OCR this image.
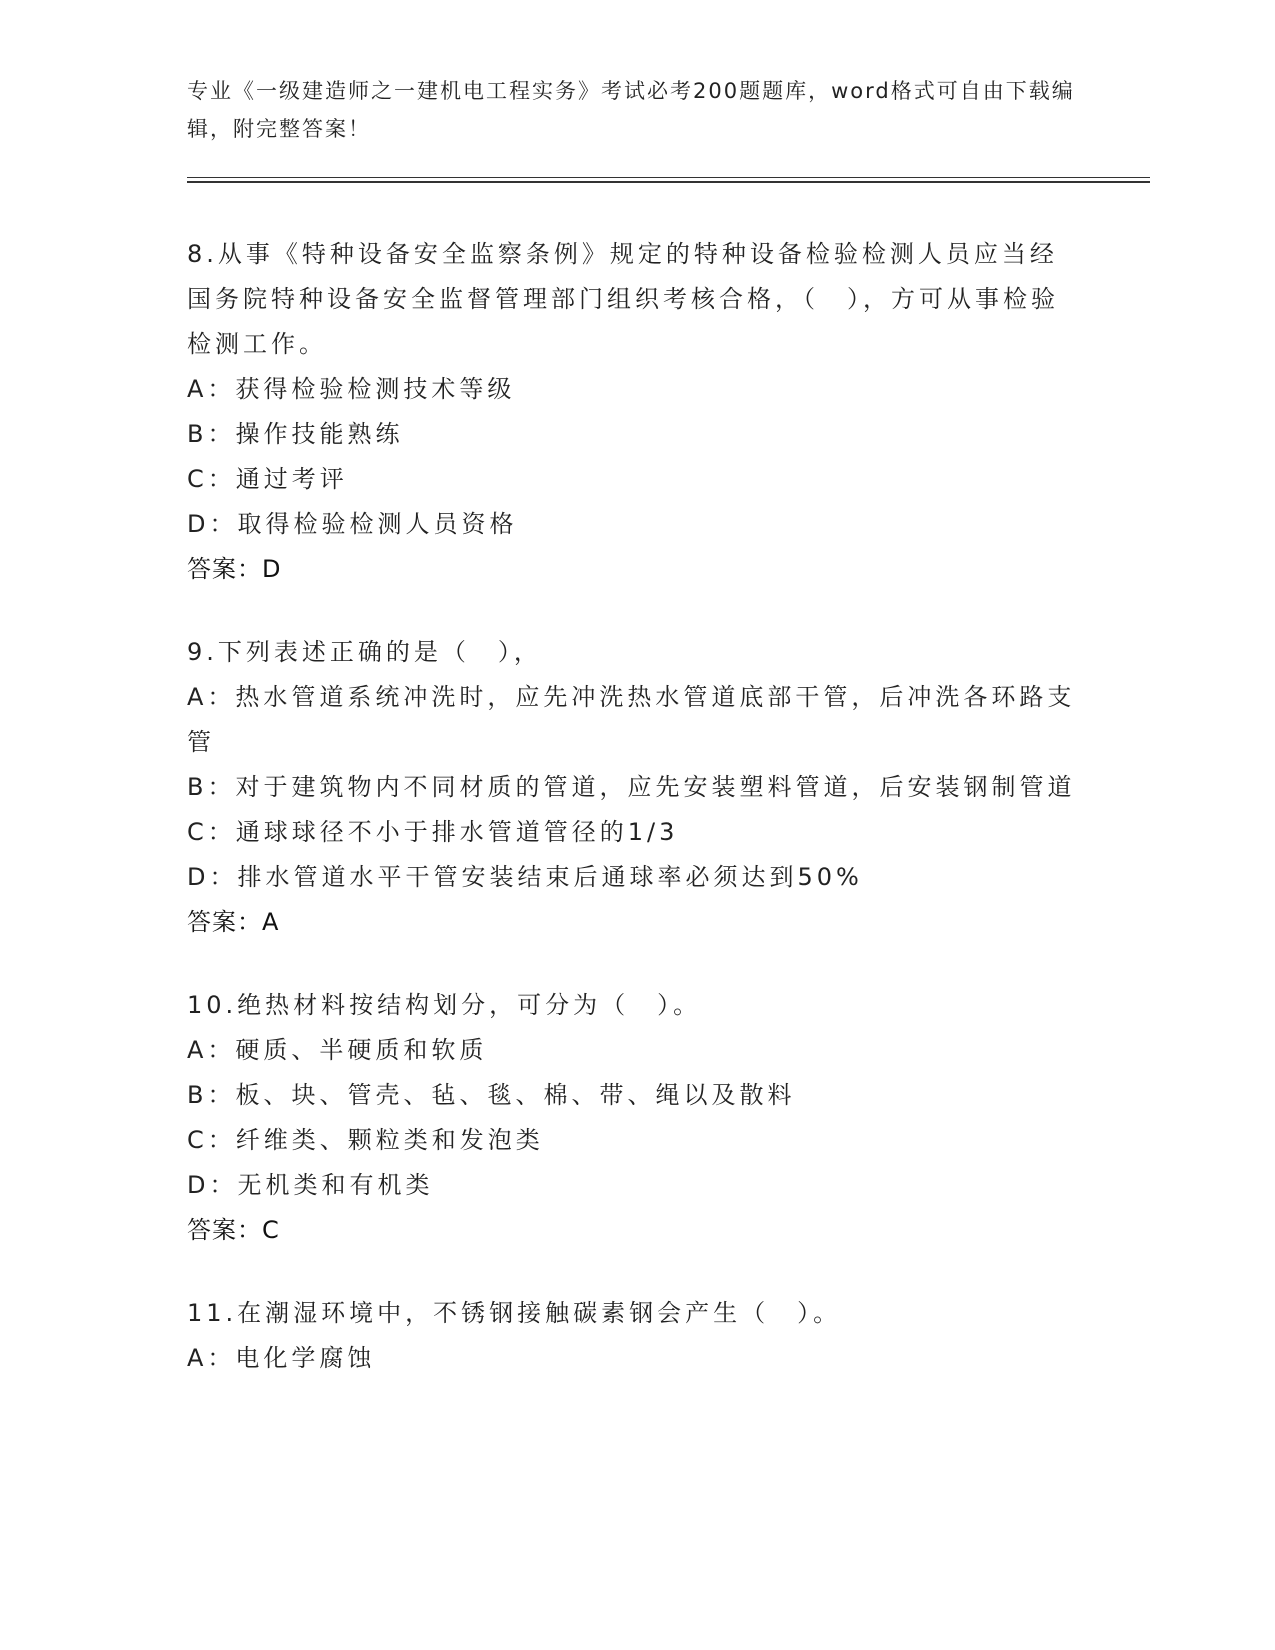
专业《一级建造师之一建机电工程实务》考试必考200题题库，word格式可自由下载编辑，附完整答案！
8.从事《特种设备安全监察条例》规定的特种设备检验检测人员应当经国务院特种设备安全监督管理部门组织考核合格，（　），方可从事检验检测工作。
A：获得检验检测技术等级
B：操作技能熟练
C：通过考评
D：取得检验检测人员资格
答案：D
9.下列表述正确的是（　），
A：热水管道系统冲洗时，应先冲洗热水管道底部干管，后冲洗各环路支管
B：对于建筑物内不同材质的管道，应先安装塑料管道，后安装钢制管道
C：通球球径不小于排水管道管径的1/3
D：排水管道水平干管安装结束后通球率必须达到50%
答案：A
10.绝热材料按结构划分，可分为（　）。
A：硬质、半硬质和软质
B：板、块、管壳、毡、毯、棉、带、绳以及散料
C：纤维类、颗粒类和发泡类
D：无机类和有机类
答案：C
11.在潮湿环境中，不锈钢接触碳素钢会产生（　）。
A：电化学腐蚀
